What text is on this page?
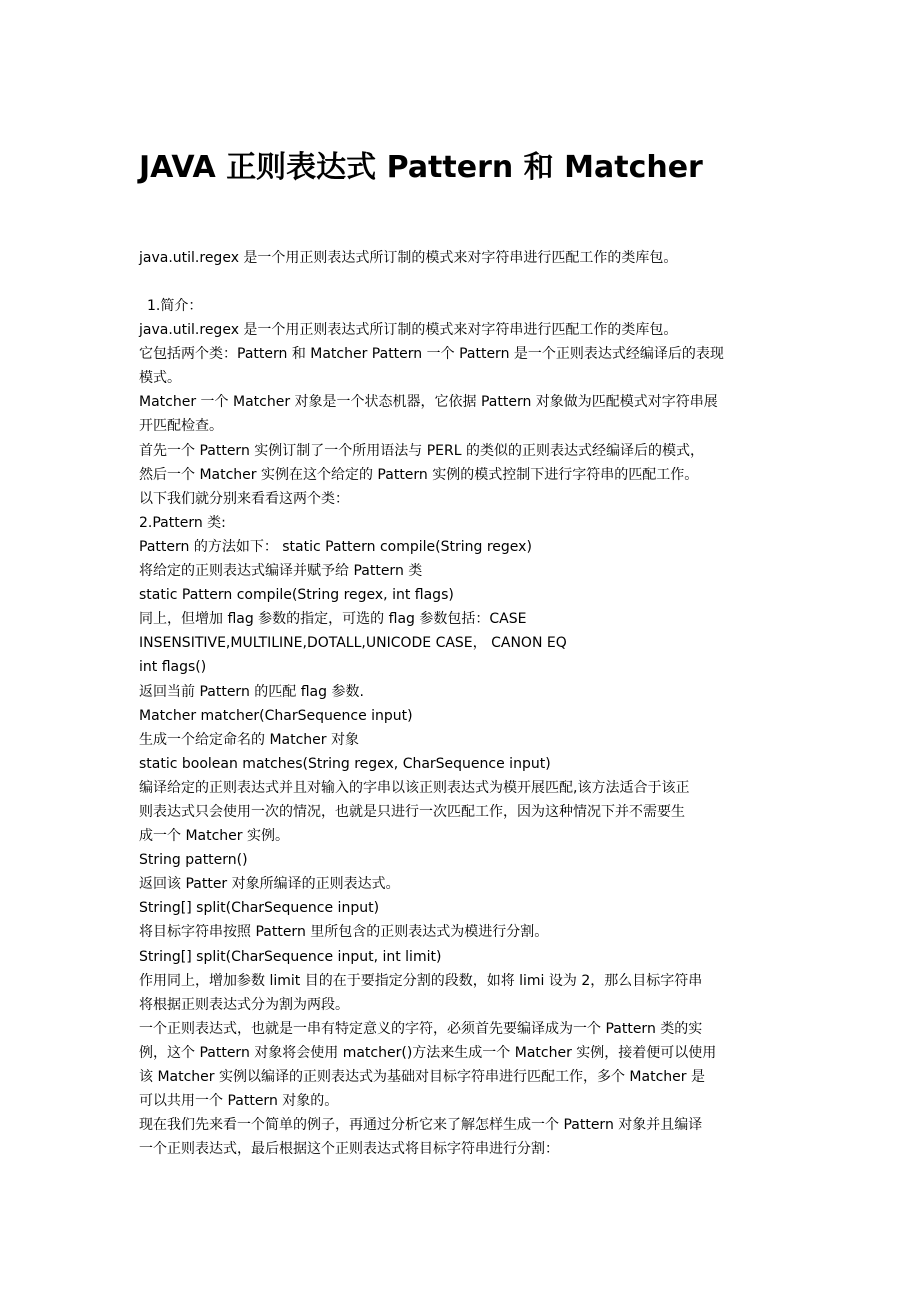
JAVA 正则表达式 Pattern 和 Matcher

java.util.regex 是一个用正则表达式所订制的模式来对字符串进行匹配工作的类库包。

1.简介：
java.util.regex 是一个用正则表达式所订制的模式来对字符串进行匹配工作的类库包。
它包括两个类：Pattern 和 Matcher Pattern 一个 Pattern 是一个正则表达式经编译后的表现
模式。
Matcher 一个 Matcher 对象是一个状态机器，它依据 Pattern 对象做为匹配模式对字符串展
开匹配检查。
首先一个 Pattern 实例订制了一个所用语法与 PERL 的类似的正则表达式经编译后的模式，
然后一个 Matcher 实例在这个给定的 Pattern 实例的模式控制下进行字符串的匹配工作。
以下我们就分别来看看这两个类：
2.Pattern 类:
Pattern 的方法如下： static Pattern compile(String regex)
将给定的正则表达式编译并赋予给 Pattern 类
static Pattern compile(String regex, int flags)
同上，但增加 flag 参数的指定，可选的 flag 参数包括：CASE
INSENSITIVE,MULTILINE,DOTALL,UNICODE CASE， CANON EQ
int flags()
返回当前 Pattern 的匹配 flag 参数.
Matcher matcher(CharSequence input)
生成一个给定命名的 Matcher 对象
static boolean matches(String regex, CharSequence input)
编译给定的正则表达式并且对输入的字串以该正则表达式为模开展匹配,该方法适合于该正
则表达式只会使用一次的情况，也就是只进行一次匹配工作，因为这种情况下并不需要生
成一个 Matcher 实例。
String pattern()
返回该 Patter 对象所编译的正则表达式。
String[] split(CharSequence input)
将目标字符串按照 Pattern 里所包含的正则表达式为模进行分割。
String[] split(CharSequence input, int limit)
作用同上，增加参数 limit 目的在于要指定分割的段数，如将 limi 设为 2，那么目标字符串
将根据正则表达式分为割为两段。
一个正则表达式，也就是一串有特定意义的字符，必须首先要编译成为一个 Pattern 类的实
例，这个 Pattern 对象将会使用 matcher()方法来生成一个 Matcher 实例，接着便可以使用
该 Matcher 实例以编译的正则表达式为基础对目标字符串进行匹配工作，多个 Matcher 是
可以共用一个 Pattern 对象的。
现在我们先来看一个简单的例子，再通过分析它来了解怎样生成一个 Pattern 对象并且编译
一个正则表达式，最后根据这个正则表达式将目标字符串进行分割：
